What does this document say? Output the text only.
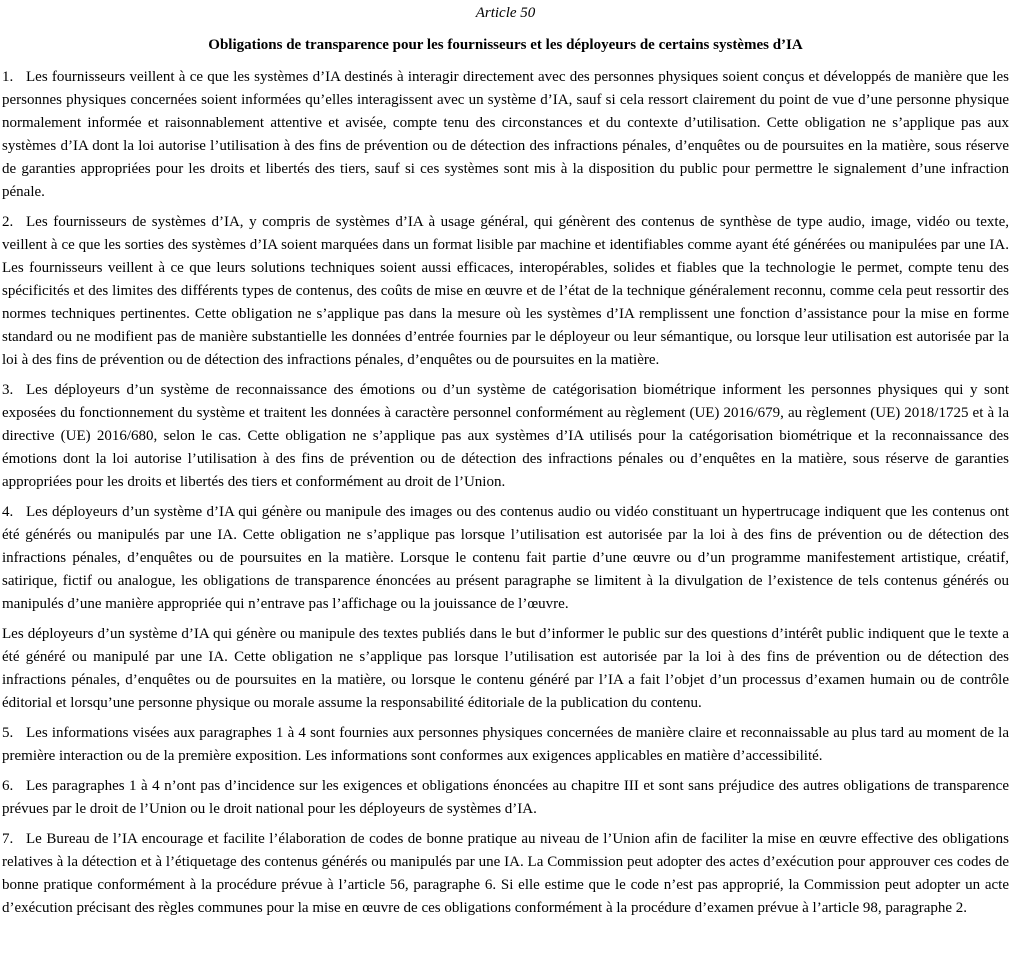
Article 50
Obligations de transparence pour les fournisseurs et les déployeurs de certains systèmes d’IA

1. Les fournisseurs veillent à ce que les systèmes d’IA destinés à interagir directement avec des personnes physiques soient conçus et développés de manière que les personnes physiques concernées soient informées qu’elles interagissent avec un système d’IA, sauf si cela ressort clairement du point de vue d’une personne physique normalement informée et raisonnablement attentive et avisée, compte tenu des circonstances et du contexte d’utilisation. Cette obligation ne s’applique pas aux systèmes d’IA dont la loi autorise l’utilisation à des fins de prévention ou de détection des infractions pénales, d’enquêtes ou de poursuites en la matière, sous réserve de garanties appropriées pour les droits et libertés des tiers, sauf si ces systèmes sont mis à la disposition du public pour permettre le signalement d’une infraction pénale.

2. Les fournisseurs de systèmes d’IA, y compris de systèmes d’IA à usage général, qui génèrent des contenus de synthèse de type audio, image, vidéo ou texte, veillent à ce que les sorties des systèmes d’IA soient marquées dans un format lisible par machine et identifiables comme ayant été générées ou manipulées par une IA. Les fournisseurs veillent à ce que leurs solutions techniques soient aussi efficaces, interopérables, solides et fiables que la technologie le permet, compte tenu des spécificités et des limites des différents types de contenus, des coûts de mise en œuvre et de l’état de la technique généralement reconnu, comme cela peut ressortir des normes techniques pertinentes. Cette obligation ne s’applique pas dans la mesure où les systèmes d’IA remplissent une fonction d’assistance pour la mise en forme standard ou ne modifient pas de manière substantielle les données d’entrée fournies par le déployeur ou leur sémantique, ou lorsque leur utilisation est autorisée par la loi à des fins de prévention ou de détection des infractions pénales, d’enquêtes ou de poursuites en la matière.

3. Les déployeurs d’un système de reconnaissance des émotions ou d’un système de catégorisation biométrique informent les personnes physiques qui y sont exposées du fonctionnement du système et traitent les données à caractère personnel conformément au règlement (UE) 2016/679, au règlement (UE) 2018/1725 et à la directive (UE) 2016/680, selon le cas. Cette obligation ne s’applique pas aux systèmes d’IA utilisés pour la catégorisation biométrique et la reconnaissance des émotions dont la loi autorise l’utilisation à des fins de prévention ou de détection des infractions pénales ou d’enquêtes en la matière, sous réserve de garanties appropriées pour les droits et libertés des tiers et conformément au droit de l’Union.

4. Les déployeurs d’un système d’IA qui génère ou manipule des images ou des contenus audio ou vidéo constituant un hypertrucage indiquent que les contenus ont été générés ou manipulés par une IA. Cette obligation ne s’applique pas lorsque l’utilisation est autorisée par la loi à des fins de prévention ou de détection des infractions pénales, d’enquêtes ou de poursuites en la matière. Lorsque le contenu fait partie d’une œuvre ou d’un programme manifestement artistique, créatif, satirique, fictif ou analogue, les obligations de transparence énoncées au présent paragraphe se limitent à la divulgation de l’existence de tels contenus générés ou manipulés d’une manière appropriée qui n’entrave pas l’affichage ou la jouissance de l’œuvre.

Les déployeurs d’un système d’IA qui génère ou manipule des textes publiés dans le but d’informer le public sur des questions d’intérêt public indiquent que le texte a été généré ou manipulé par une IA. Cette obligation ne s’applique pas lorsque l’utilisation est autorisée par la loi à des fins de prévention ou de détection des infractions pénales, d’enquêtes ou de poursuites en la matière, ou lorsque le contenu généré par l’IA a fait l’objet d’un processus d’examen humain ou de contrôle éditorial et lorsqu’une personne physique ou morale assume la responsabilité éditoriale de la publication du contenu.

5. Les informations visées aux paragraphes 1 à 4 sont fournies aux personnes physiques concernées de manière claire et reconnaissable au plus tard au moment de la première interaction ou de la première exposition. Les informations sont conformes aux exigences applicables en matière d’accessibilité.

6. Les paragraphes 1 à 4 n’ont pas d’incidence sur les exigences et obligations énoncées au chapitre III et sont sans préjudice des autres obligations de transparence prévues par le droit de l’Union ou le droit national pour les déployeurs de systèmes d’IA.

7. Le Bureau de l’IA encourage et facilite l’élaboration de codes de bonne pratique au niveau de l’Union afin de faciliter la mise en œuvre effective des obligations relatives à la détection et à l’étiquetage des contenus générés ou manipulés par une IA. La Commission peut adopter des actes d’exécution pour approuver ces codes de bonne pratique conformément à la procédure prévue à l’article 56, paragraphe 6. Si elle estime que le code n’est pas approprié, la Commission peut adopter un acte d’exécution précisant des règles communes pour la mise en œuvre de ces obligations conformément à la procédure d’examen prévue à l’article 98, paragraphe 2.
